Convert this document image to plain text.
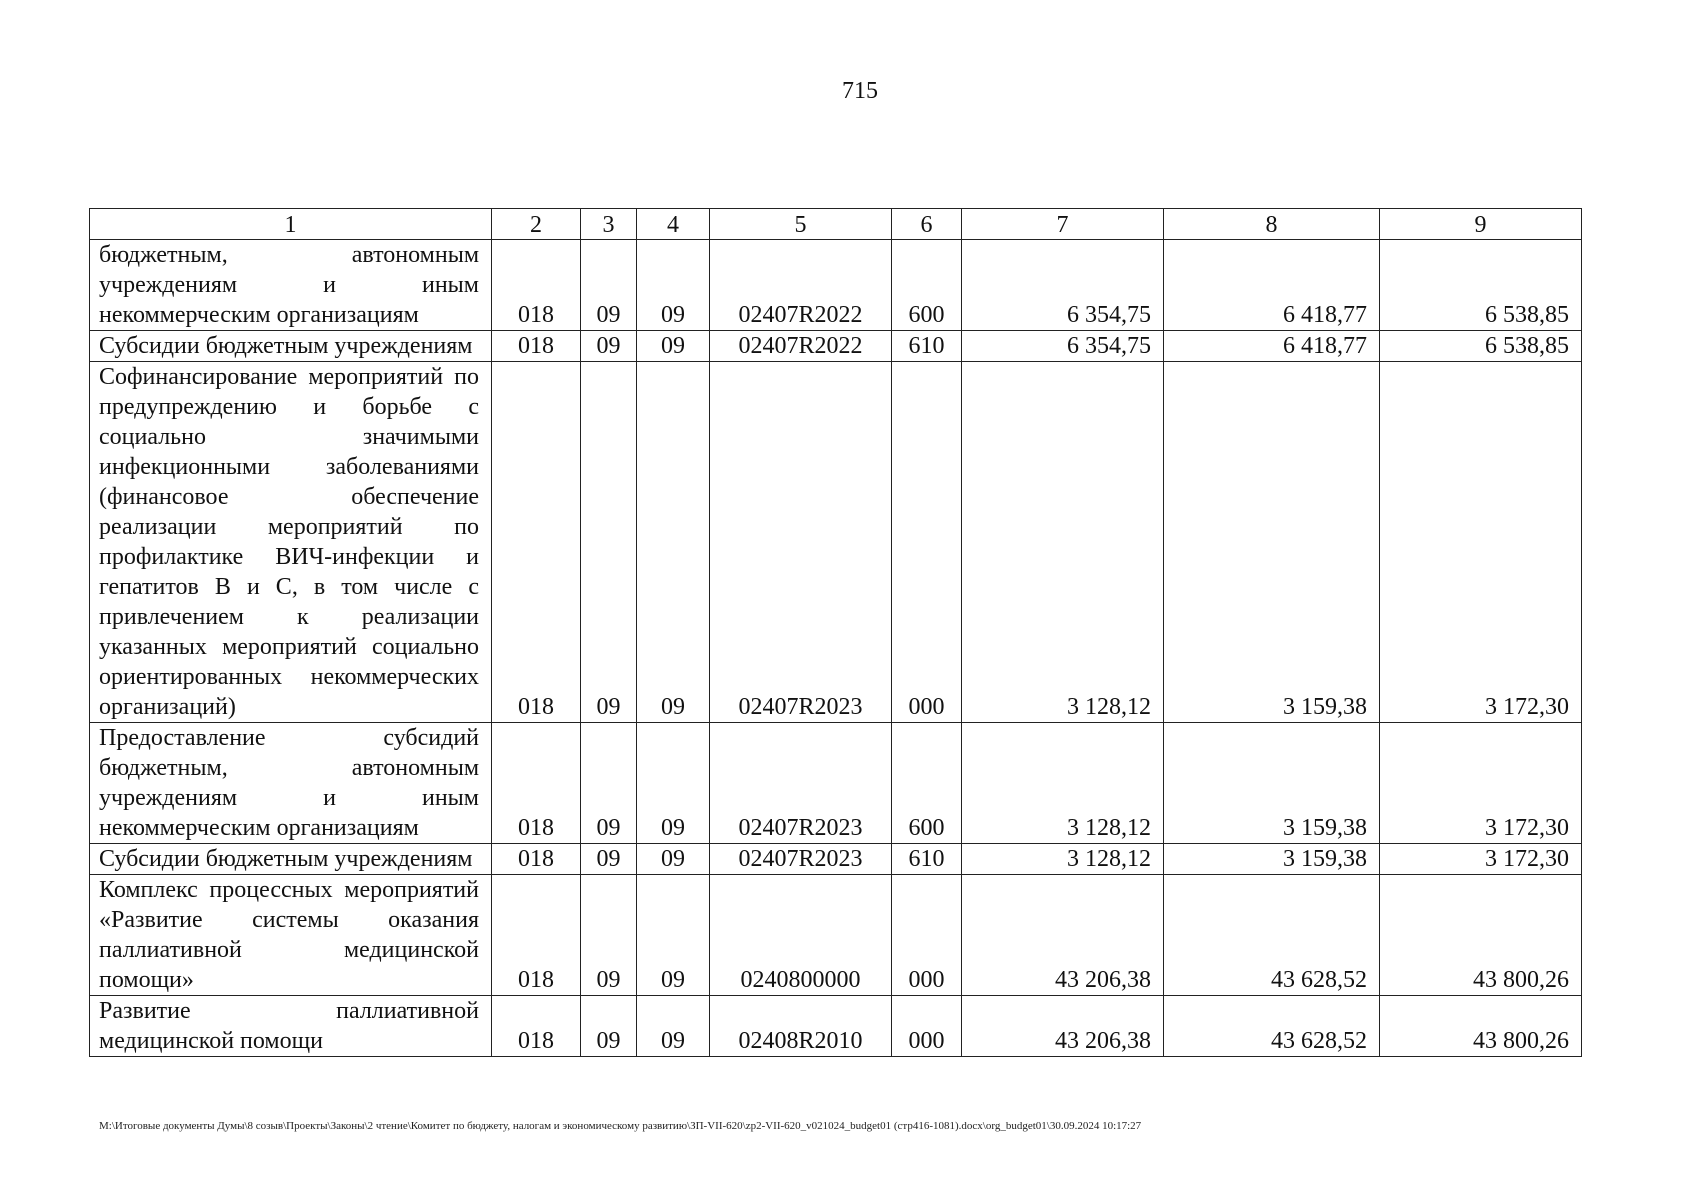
715
1	2	3	4	5	6	7	8	9
бюджетным, автономным учреждениям и иным некоммерческим организациям	018	09	09	02407R2022	600	6 354,75	6 418,77	6 538,85
Субсидии бюджетным учреждениям	018	09	09	02407R2022	610	6 354,75	6 418,77	6 538,85
Софинансирование мероприятий по предупреждению и борьбе с социально значимыми инфекционными заболеваниями (финансовое обеспечение реализации мероприятий по профилактике ВИЧ-инфекции и гепатитов B и C, в том числе с привлечением к реализации указанных мероприятий социально ориентированных некоммерческих организаций)	018	09	09	02407R2023	000	3 128,12	3 159,38	3 172,30
Предоставление субсидий бюджетным, автономным учреждениям и иным некоммерческим организациям	018	09	09	02407R2023	600	3 128,12	3 159,38	3 172,30
Субсидии бюджетным учреждениям	018	09	09	02407R2023	610	3 128,12	3 159,38	3 172,30
Комплекс процессных мероприятий «Развитие системы оказания паллиативной медицинской помощи»	018	09	09	0240800000	000	43 206,38	43 628,52	43 800,26
Развитие паллиативной медицинской помощи	018	09	09	02408R2010	000	43 206,38	43 628,52	43 800,26
M:\Итоговые документы Думы\8 созыв\Проекты\Законы\2 чтение\Комитет по бюджету, налогам и экономическому развитию\ЗП-VII-620\zp2-VII-620_v021024_budget01 (стр416-1081).docx\org_budget01\30.09.2024 10:17:27
